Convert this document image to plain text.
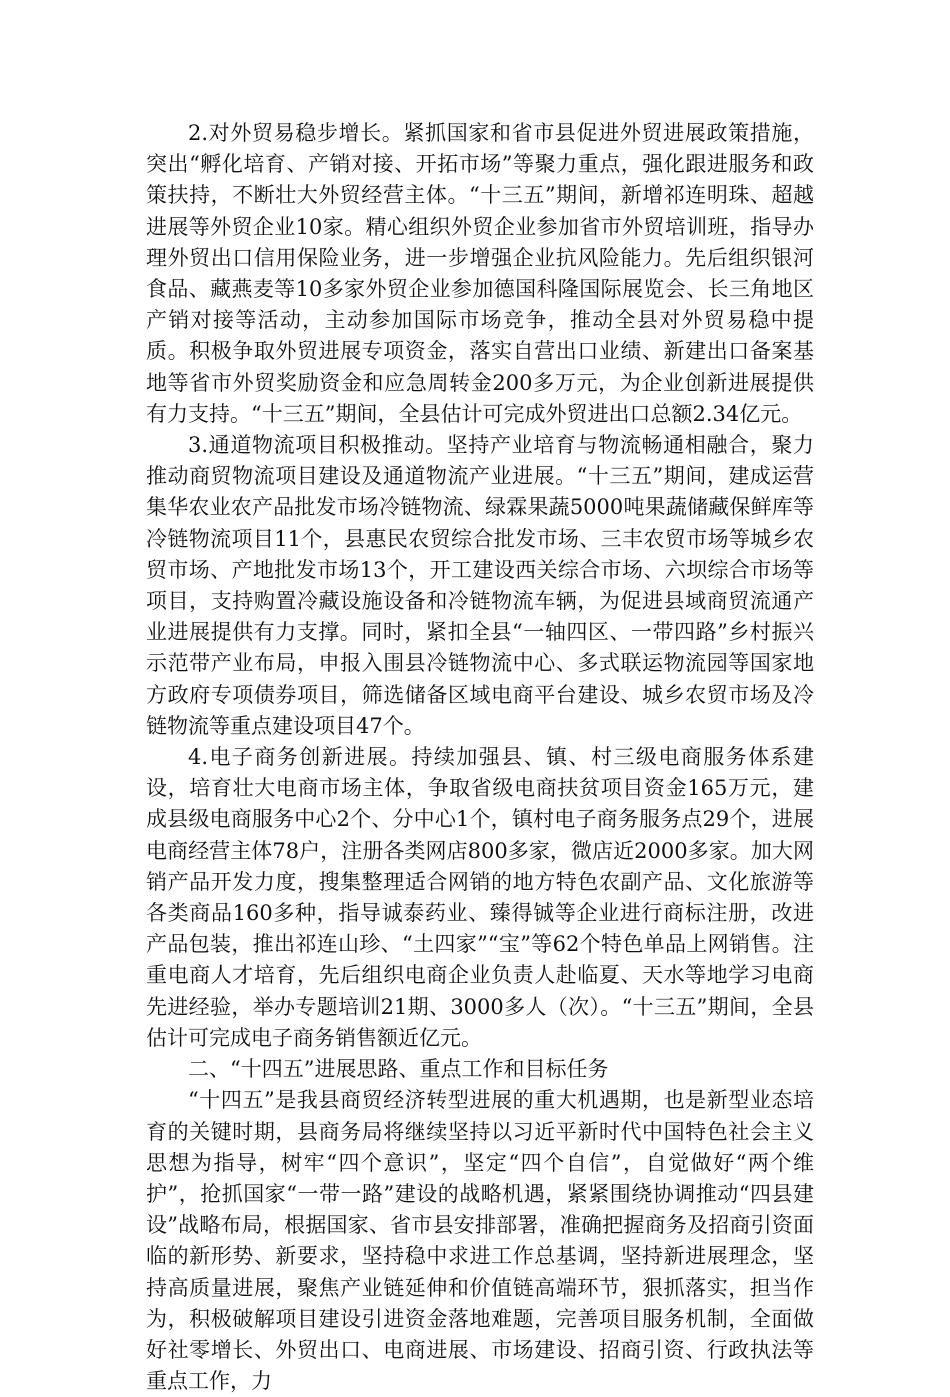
2.对外贸易稳步增长。紧抓国家和省市县促进外贸进展政策措施，突出“孵化培育、产销对接、开拓市场”等聚力重点，强化跟进服务和政策扶持，不断壮大外贸经营主体。“十三五”期间，新增祁连明珠、超越进展等外贸企业10家。精心组织外贸企业参加省市外贸培训班，指导办理外贸出口信用保险业务，进一步增强企业抗风险能力。先后组织银河食品、藏燕麦等10多家外贸企业参加德国科隆国际展览会、长三角地区产销对接等活动，主动参加国际市场竞争，推动全县对外贸易稳中提质。积极争取外贸进展专项资金，落实自营出口业绩、新建出口备案基地等省市外贸奖励资金和应急周转金200多万元，为企业创新进展提供有力支持。“十三五”期间，全县估计可完成外贸进出口总额2.34亿元。

3.通道物流项目积极推动。坚持产业培育与物流畅通相融合，聚力推动商贸物流项目建设及通道物流产业进展。“十三五”期间，建成运营集华农业农产品批发市场冷链物流、绿霖果蔬5000吨果蔬储藏保鲜库等冷链物流项目11个，县惠民农贸综合批发市场、三丰农贸市场等城乡农贸市场、产地批发市场13个，开工建设西关综合市场、六坝综合市场等项目，支持购置冷藏设施设备和冷链物流车辆，为促进县域商贸流通产业进展提供有力支撑。同时，紧扣全县“一轴四区、一带四路”乡村振兴示范带产业布局，申报入围县冷链物流中心、多式联运物流园等国家地方政府专项债券项目，筛选储备区域电商平台建设、城乡农贸市场及冷链物流等重点建设项目47个。

4.电子商务创新进展。持续加强县、镇、村三级电商服务体系建设，培育壮大电商市场主体，争取省级电商扶贫项目资金165万元，建成县级电商服务中心2个、分中心1个，镇村电子商务服务点29个，进展电商经营主体78户，注册各类网店800多家，微店近2000多家。加大网销产品开发力度，搜集整理适合网销的地方特色农副产品、文化旅游等各类商品160多种，指导诚泰药业、臻得铖等企业进行商标注册，改进产品包装，推出祁连山珍、“土四家”“宝”等62个特色单品上网销售。注重电商人才培育，先后组织电商企业负责人赴临夏、天水等地学习电商先进经验，举办专题培训21期、3000多人（次）。“十三五”期间，全县估计可完成电子商务销售额近亿元。

二、“十四五”进展思路、重点工作和目标任务

“十四五”是我县商贸经济转型进展的重大机遇期，也是新型业态培育的关键时期，县商务局将继续坚持以习近平新时代中国特色社会主义思想为指导，树牢“四个意识”，坚定“四个自信”，自觉做好“两个维护”，抢抓国家“一带一路”建设的战略机遇，紧紧围绕协调推动“四县建设”战略布局，根据国家、省市县安排部署，准确把握商务及招商引资面临的新形势、新要求，坚持稳中求进工作总基调，坚持新进展理念，坚持高质量进展，聚焦产业链延伸和价值链高端环节，狠抓落实，担当作为，积极破解项目建设引进资金落地难题，完善项目服务机制，全面做好社零增长、外贸出口、电商进展、市场建设、招商引资、行政执法等重点工作，力
